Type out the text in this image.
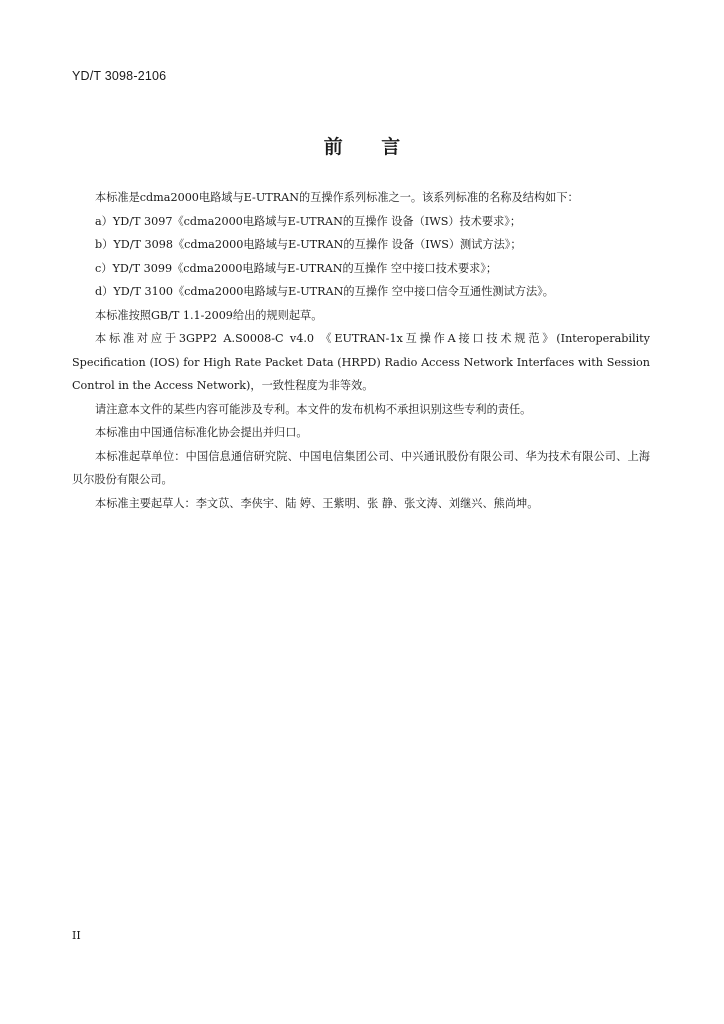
YD/T 3098-2106
前 言

本标准是cdma2000电路域与E-UTRAN的互操作系列标准之一。该系列标准的名称及结构如下：

a）YD/T 3097《cdma2000电路域与E-UTRAN的互操作 设备（IWS）技术要求》；

b）YD/T 3098《cdma2000电路域与E-UTRAN的互操作 设备（IWS）测试方法》；

c）YD/T 3099《cdma2000电路域与E-UTRAN的互操作 空中接口技术要求》；

d）YD/T 3100《cdma2000电路域与E-UTRAN的互操作 空中接口信令互通性测试方法》。

本标准按照GB/T 1.1-2009给出的规则起草。

本标准对应于3GPP2 A.S0008-C v4.0 《EUTRAN-1x互操作A接口技术规范》(Interoperability Specification (IOS) for High Rate Packet Data (HRPD) Radio Access Network Interfaces with Session Control in the Access Network)，一致性程度为非等效。

请注意本文件的某些内容可能涉及专利。本文件的发布机构不承担识别这些专利的责任。

本标准由中国通信标准化协会提出并归口。

本标准起草单位：中国信息通信研究院、中国电信集团公司、中兴通讯股份有限公司、华为技术有限公司、上海贝尔股份有限公司。

本标准主要起草人：李文苡、李侠宇、陆 婷、王紫明、张 静、张文涛、刘继兴、熊尚坤。

II
